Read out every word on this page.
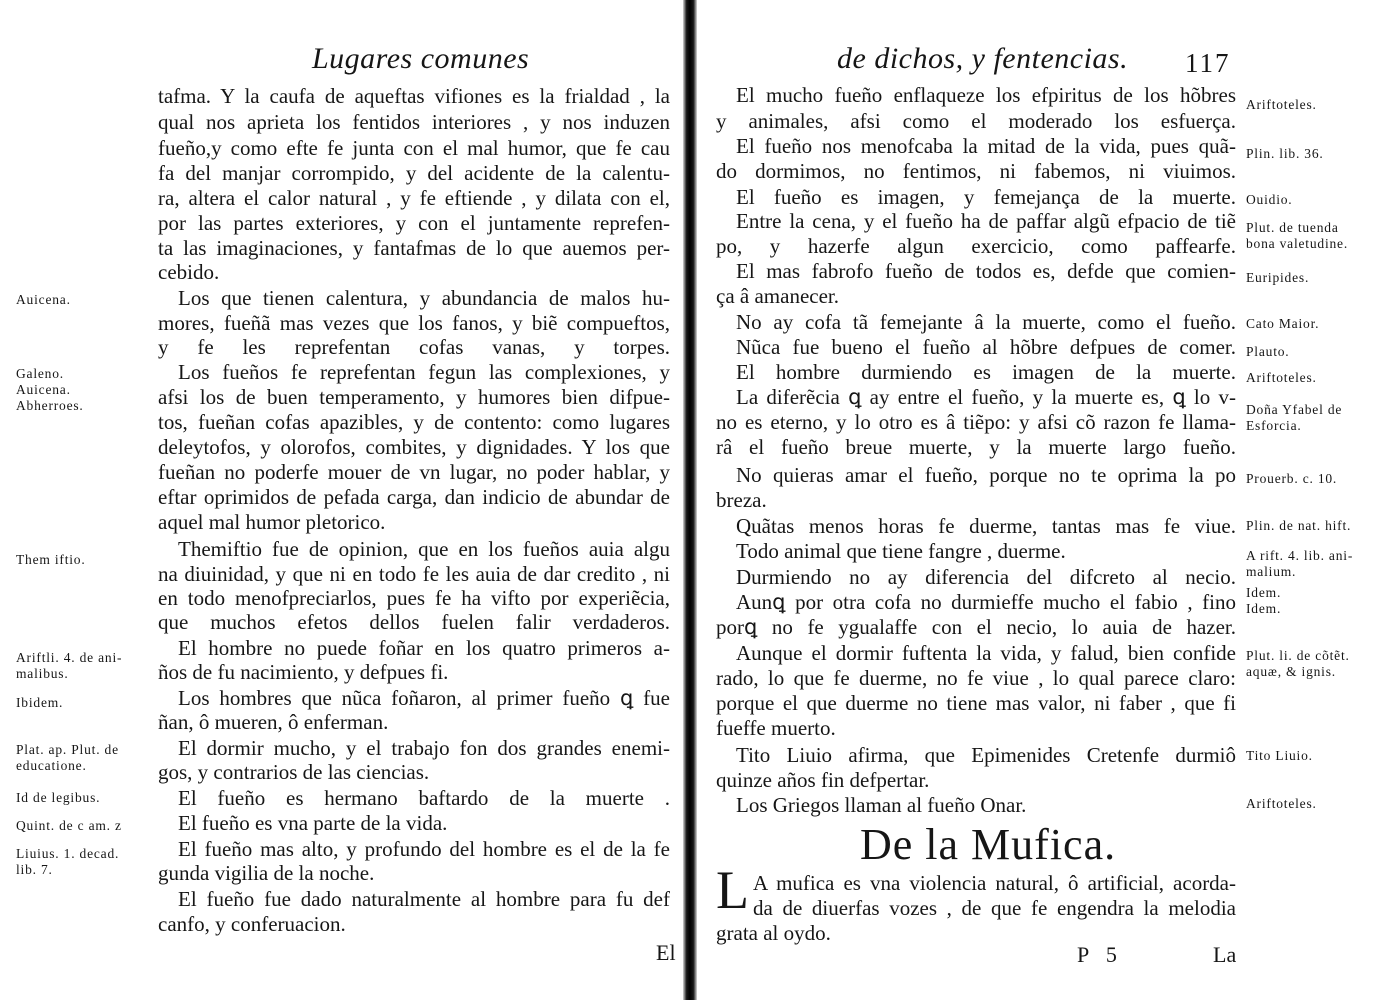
Lugares comunes
tafma. Y la caufa de aqueftas vifiones es la frialdad , la
qual nos aprieta los fentidos interiores , y nos induzen
fueño,y como efte fe junta con el mal humor, que fe cau
fa del manjar corrompido, y del acidente de la calentu-
ra, altera el calor natural , y fe eftiende , y dilata con el,
por las partes exteriores, y con el juntamente reprefen-
ta las imaginaciones, y fantafmas de lo que auemos per-
cebido.
Los que tienen calentura, y abundancia de malos hu-
mores, fueñã mas vezes que los fanos, y biẽ compueftos,
y fe les reprefentan cofas vanas, y torpes.
Los fueños fe reprefentan fegun las complexiones, y
afsi los de buen temperamento, y humores bien difpue-
tos, fueñan cofas apazibles, y de contento: como lugares
deleytofos, y olorofos, combites, y dignidades. Y los que
fueñan no poderfe mouer de vn lugar, no poder hablar, y
eftar oprimidos de pefada carga, dan indicio de abundar de
aquel mal humor pletorico.
Themiftio fue de opinion, que en los fueños auia algu
na diuinidad, y que ni en todo fe les auia de dar credito , ni
en todo menofpreciarlos, pues fe ha vifto por experiẽcia,
que muchos efetos dellos fuelen falir verdaderos.
El hombre no puede foñar en los quatro primeros a-
ños de fu nacimiento, y defpues fi.
Los hombres que nũca foñaron, al primer fueño ꝗ fue
ñan, ô mueren, ô enferman.
El dormir mucho, y el trabajo fon dos grandes enemi-
gos, y contrarios de las ciencias.
El fueño es hermano baftardo de la muerte .
El fueño es vna parte de la vida.
El fueño mas alto, y profundo del hombre es el de la fe
gunda vigilia de la noche.
El fueño fue dado naturalmente al hombre para fu def
canfo, y conferuacion.
Auicena.
Galeno.
Auicena.
Abherroes.
Them iftio.
Ariftli. 4. de ani-
malibus.
Ibidem.
Plat. ap. Plut. de
educatione.
Id de legibus.
Quint. de c am. z
Liuius. 1. decad.
lib. 7.
El
de dichos, y fentencias. 117
El mucho fueño enflaqueze los efpiritus de los hõbres
y animales, afsi como el moderado los esfuerça.
El fueño nos menofcaba la mitad de la vida, pues quã-
do dormimos, no fentimos, ni fabemos, ni viuimos.
El fueño es imagen, y femejança de la muerte.
Entre la cena, y el fueño ha de paffar algũ efpacio de tiẽ
po, y hazerfe algun exercicio, como paffearfe.
El mas fabrofo fueño de todos es, defde que comien-
ça â amanecer.
No ay cofa tã femejante â la muerte, como el fueño.
Nũca fue bueno el fueño al hõbre defpues de comer.
El hombre durmiendo es imagen de la muerte.
La diferẽcia ꝗ ay entre el fueño, y la muerte es, ꝗ lo v-
no es eterno, y lo otro es â tiẽpo: y afsi cõ razon fe llama-
râ el fueño breue muerte, y la muerte largo fueño.
No quieras amar el fueño, porque no te oprima la po
breza.
Quãtas menos horas fe duerme, tantas mas fe viue.
Todo animal que tiene fangre , duerme.
Durmiendo no ay diferencia del difcreto al necio.
Aunꝗ por otra cofa no durmieffe mucho el fabio , fino
porꝗ no fe ygualaffe con el necio, lo auia de hazer.
Aunque el dormir fuftenta la vida, y falud, bien confide
rado, lo que fe duerme, no fe viue , lo qual parece claro:
porque el que duerme no tiene mas valor, ni faber , que fi
fueffe muerto.
Tito Liuio afirma, que Epimenides Cretenfe durmiô
quinze años fin defpertar.
Los Griegos llaman al fueño Onar.
Ariftoteles.
Plin. lib. 36.
Ouidio.
Plut. de tuenda
bona valetudine.
Euripides.
Cato Maior.
Plauto.
Ariftoteles.
Doña Yfabel de
Esforcia.
Prouerb. c. 10.
Plin. de nat. hift.
A rift. 4. lib. ani-
malium.
Idem.
Idem.
Plut. li. de cõtẽt.
aquæ, & ignis.
Tito Liuio.
Ariftoteles.
De la Mufica.
L A mufica es vna violencia natural, ô artificial, acorda-
da de diuerfas vozes , de que fe engendra la melodia
grata al oydo.
P 5	La
